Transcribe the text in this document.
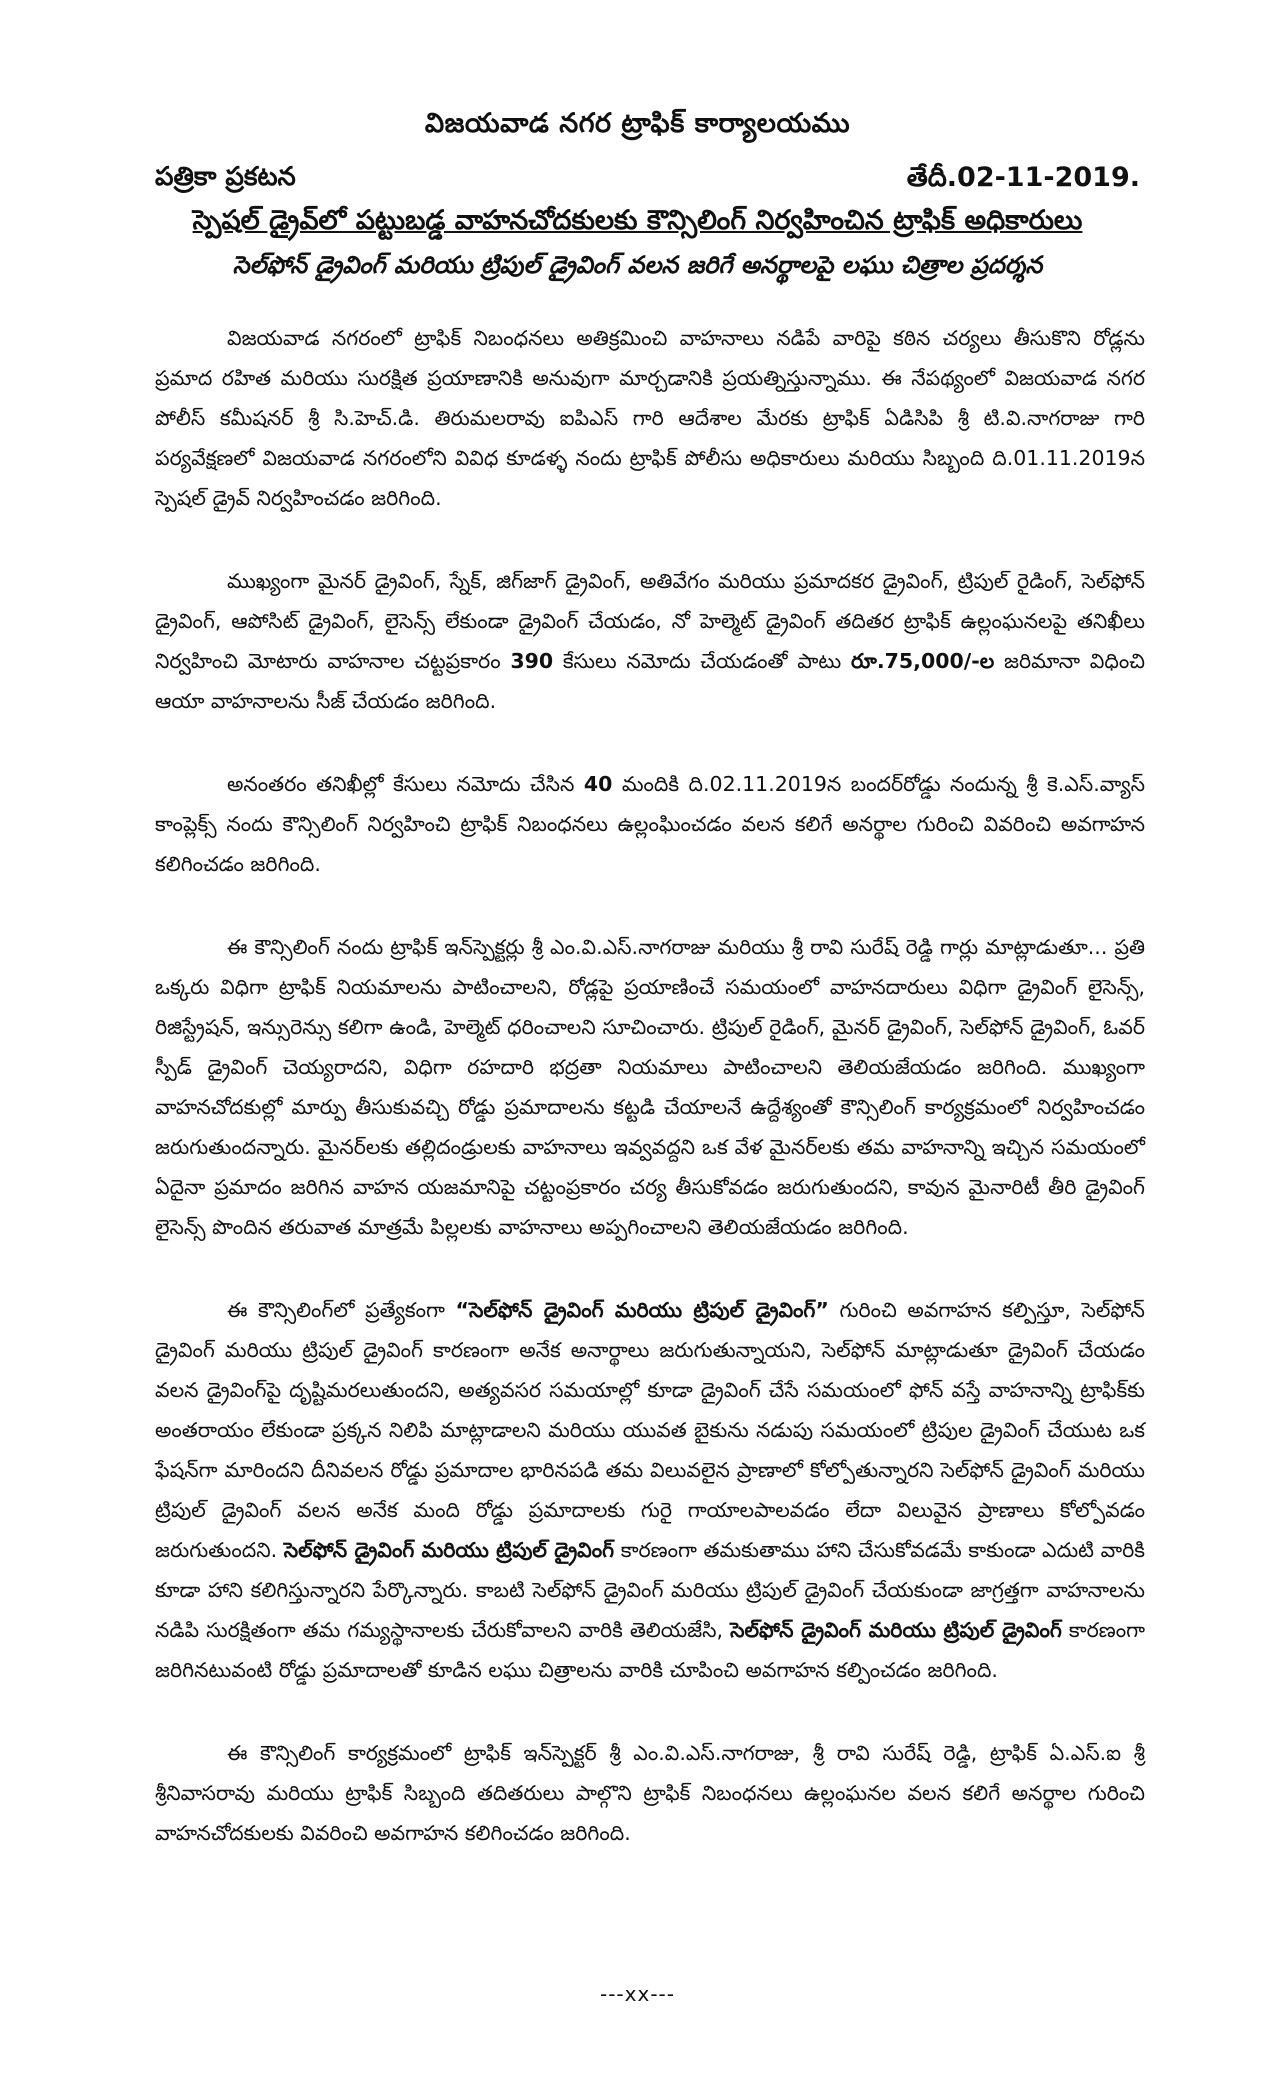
విజయవాడ నగర ట్రాఫిక్ కార్యాలయము
పత్రికా ప్రకటన	తేదీ.02-11-2019.
స్పెషల్ డ్రైవ్‌లో పట్టుబడ్డ వాహనచోదకులకు కౌన్సిలింగ్ నిర్వహించిన ట్రాఫిక్ అధికారులు
సెల్‌ఫోన్ డ్రైవింగ్ మరియు ట్రిపుల్ డ్రైవింగ్ వలన జరిగే అనర్థాలపై లఘు చిత్రాల ప్రదర్శన

విజయవాడ నగరంలో ట్రాఫిక్ నిబంధనలు అతిక్రమించి వాహనాలు నడిపే వారిపై కఠిన చర్యలు తీసుకొని రోడ్లను ప్రమాద రహిత మరియు సురక్షిత ప్రయాణానికి అనువుగా మార్చడానికి ప్రయత్నిస్తున్నాము. ఈ నేపథ్యంలో విజయవాడ నగర పోలీస్ కమీషనర్ శ్రీ సి.హెచ్.డి. తిరుమలరావు ఐపిఎస్ గారి ఆదేశాల మేరకు ట్రాఫిక్ ఏడిసిపి శ్రీ టి.వి.నాగరాజు గారి పర్యవేక్షణలో విజయవాడ నగరంలోని వివిధ కూడళ్ళ నందు ట్రాఫిక్ పోలీసు అధికారులు మరియు సిబ్బంది ది.01.11.2019న స్పెషల్ డ్రైవ్ నిర్వహించడం జరిగింది.

ముఖ్యంగా మైనర్ డ్రైవింగ్, స్నేక్, జిగ్‌జాగ్ డ్రైవింగ్, అతివేగం మరియు ప్రమాదకర డ్రైవింగ్, ట్రిపుల్ రైడింగ్, సెల్‌ఫోన్ డ్రైవింగ్, ఆపోసిట్ డ్రైవింగ్, లైసెన్స్ లేకుండా డ్రైవింగ్ చేయడం, నో హెల్మెట్ డ్రైవింగ్ తదితర ట్రాఫిక్ ఉల్లంఘనలపై తనిఖీలు నిర్వహించి మోటారు వాహనాల చట్టప్రకారం 390 కేసులు నమోదు చేయడంతో పాటు రూ.75,000/-ల జరిమానా విధించి ఆయా వాహనాలను సీజ్ చేయడం జరిగింది.

అనంతరం తనిఖీల్లో కేసులు నమోదు చేసిన 40 మందికి ది.02.11.2019న బందర్‌రోడ్డు నందున్న శ్రీ కె.ఎస్.వ్యాస్ కాంప్లెక్స్ నందు కౌన్సిలింగ్ నిర్వహించి ట్రాఫిక్ నిబంధనలు ఉల్లంఘించడం వలన కలిగే అనర్థాల గురించి వివరించి అవగాహన కలిగించడం జరిగింది.

ఈ కౌన్సిలింగ్ నందు ట్రాఫిక్ ఇన్‌స్పెక్టర్లు శ్రీ ఎం.వి.ఎస్.నాగరాజు మరియు శ్రీ రావి సురేష్ రెడ్డి గార్లు మాట్లాడుతూ... ప్రతి ఒక్కరు విధిగా ట్రాఫిక్ నియమాలను పాటించాలని, రోడ్లపై ప్రయాణించే సమయంలో వాహనదారులు విధిగా డ్రైవింగ్ లైసెన్స్, రిజిస్ట్రేషన్, ఇన్సురెన్సు కలిగా ఉండి, హెల్మెట్ ధరించాలని సూచించారు. ట్రిపుల్ రైడింగ్, మైనర్ డ్రైవింగ్, సెల్‌ఫోన్ డ్రైవింగ్, ఓవర్ స్పీడ్ డ్రైవింగ్ చెయ్యరాదని, విధిగా రహదారి భద్రతా నియమాలు పాటించాలని తెలియజేయడం జరిగింది. ముఖ్యంగా వాహనచోదకుల్లో మార్పు తీసుకువచ్చి రోడ్డు ప్రమాదాలను కట్టడి చేయాలనే ఉద్దేశ్యంతో కౌన్సిలింగ్ కార్యక్రమంలో నిర్వహించడం జరుగుతుందన్నారు. మైనర్‌లకు తల్లిదండ్రులకు వాహనాలు ఇవ్వవద్దని ఒక వేళ మైనర్‌లకు తమ వాహనాన్ని ఇచ్చిన సమయంలో ఏదైనా ప్రమాదం జరిగిన వాహన యజమానిపై చట్టంప్రకారం చర్య తీసుకోవడం జరుగుతుందని, కావున మైనారిటీ తీరి డ్రైవింగ్ లైసెన్స్ పొందిన తరువాత మాత్రమే పిల్లలకు వాహనాలు అప్పగించాలని తెలియజేయడం జరిగింది.

ఈ కౌన్సిలింగ్‌లో ప్రత్యేకంగా “సెల్‌ఫోన్ డ్రైవింగ్ మరియు ట్రిపుల్ డ్రైవింగ్” గురించి అవగాహన కల్పిస్తూ, సెల్‌ఫోన్ డ్రైవింగ్ మరియు ట్రిపుల్ డ్రైవింగ్ కారణంగా అనేక అనార్థాలు జరుగుతున్నాయని, సెల్‌ఫోన్ మాట్లాడుతూ డ్రైవింగ్ చేయడం వలన డ్రైవింగ్‌పై దృష్టిమరలుతుందని, అత్యవసర సమయాల్లో కూడా డ్రైవింగ్ చేసే సమయంలో ఫోన్ వస్తే వాహనాన్ని ట్రాఫిక్‌కు అంతరాయం లేకుండా ప్రక్కన నిలిపి మాట్లాడాలని మరియు యువత బైకును నడుపు సమయంలో ట్రిపుల డ్రైవింగ్ చేయుట ఒక ఫేషన్‌గా మారిందని దీనివలన రోడ్డు ప్రమాదాల భారినపడి తమ విలువలైన ప్రాణాలో కోల్పోతున్నారని సెల్‌ఫోన్ డ్రైవింగ్ మరియు ట్రిపుల్ డ్రైవింగ్ వలన అనేక మంది రోడ్డు ప్రమాదాలకు గురై గాయాలపాలవడం లేదా విలువైన ప్రాణాలు కోల్పోవడం జరుగుతుందని. సెల్‌ఫోన్ డ్రైవింగ్ మరియు ట్రిపుల్ డ్రైవింగ్ కారణంగా తమకుతాము హాని చేసుకోవడమే కాకుండా ఎదుటి వారికి కూడా హాని కలిగిస్తున్నారని పేర్కొన్నారు. కాబటి సెల్‌ఫోన్ డ్రైవింగ్ మరియు ట్రిపుల్ డ్రైవింగ్ చేయకుండా జాగ్రత్తగా వాహనాలను నడిపి సురక్షితంగా తమ గమ్యస్థానాలకు చేరుకోవాలని వారికి తెలియజేసి, సెల్‌ఫోన్ డ్రైవింగ్ మరియు ట్రిపుల్ డ్రైవింగ్ కారణంగా జరిగినటువంటి రోడ్డు ప్రమాదాలతో కూడిన లఘు చిత్రాలను వారికి చూపించి అవగాహన కల్పించడం జరిగింది.

ఈ కౌన్సిలింగ్ కార్యక్రమంలో ట్రాఫిక్ ఇన్‌స్పెక్టర్ శ్రీ ఎం.వి.ఎస్.నాగరాజు, శ్రీ రావి సురేష్ రెడ్డి, ట్రాఫిక్ ఏ.ఎస్.ఐ శ్రీ శ్రీనివాసరావు మరియు ట్రాఫిక్ సిబ్బంది తదితరులు పాల్గొని ట్రాఫిక్ నిబంధనలు ఉల్లంఘనల వలన కలిగే అనర్థాల గురించి వాహనచోదకులకు వివరించి అవగాహన కలిగించడం జరిగింది.

---xx---
